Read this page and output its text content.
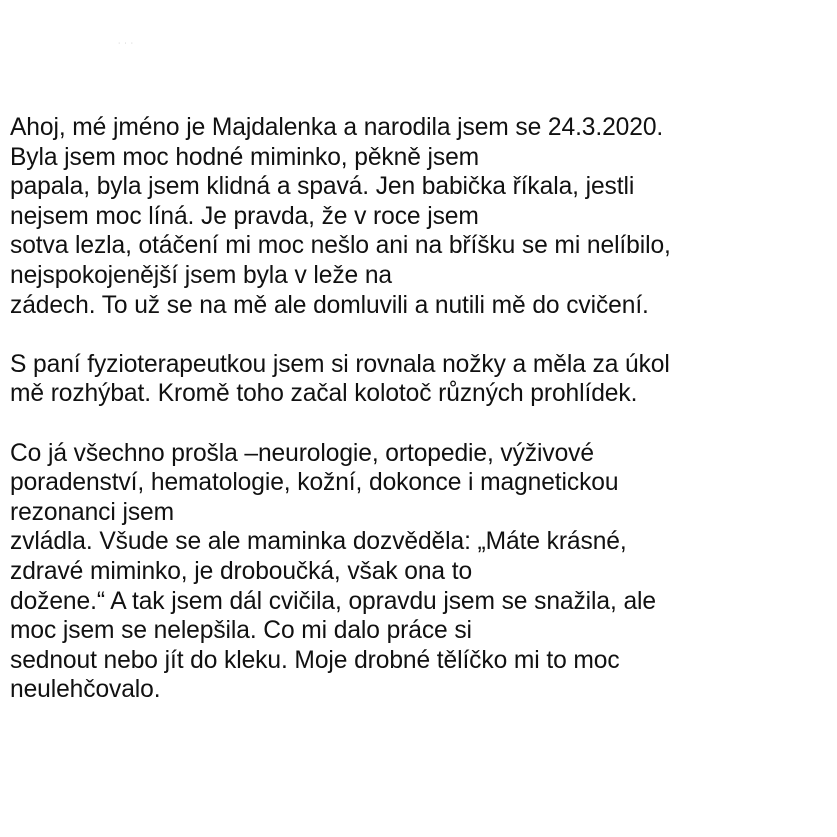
˙˙˙
Ahoj, mé jméno je Majdalenka a narodila jsem se 24.3.2020.
Byla jsem moc hodné miminko, pěkně jsem
papala, byla jsem klidná a spavá. Jen babička říkala, jestli
nejsem moc líná. Je pravda, že v roce jsem
sotva lezla, otáčení mi moc nešlo ani na bříšku se mi nelíbilo,
nejspokojenější jsem byla v leže na
zádech. To už se na mě ale domluvili a nutili mě do cvičení.
S paní fyzioterapeutkou jsem si rovnala nožky a měla za úkol
mě rozhýbat. Kromě toho začal kolotoč různých prohlídek.
Co já všechno prošla –neurologie, ortopedie, výživové
poradenství, hematologie, kožní, dokonce i magnetickou
rezonanci jsem
zvládla. Všude se ale maminka dozvěděla: „Máte krásné,
zdravé miminko, je droboučká, však ona to
dožene.“ A tak jsem dál cvičila, opravdu jsem se snažila, ale
moc jsem se nelepšila. Co mi dalo práce si
sednout nebo jít do kleku. Moje drobné tělíčko mi to moc
neulehčovalo.
